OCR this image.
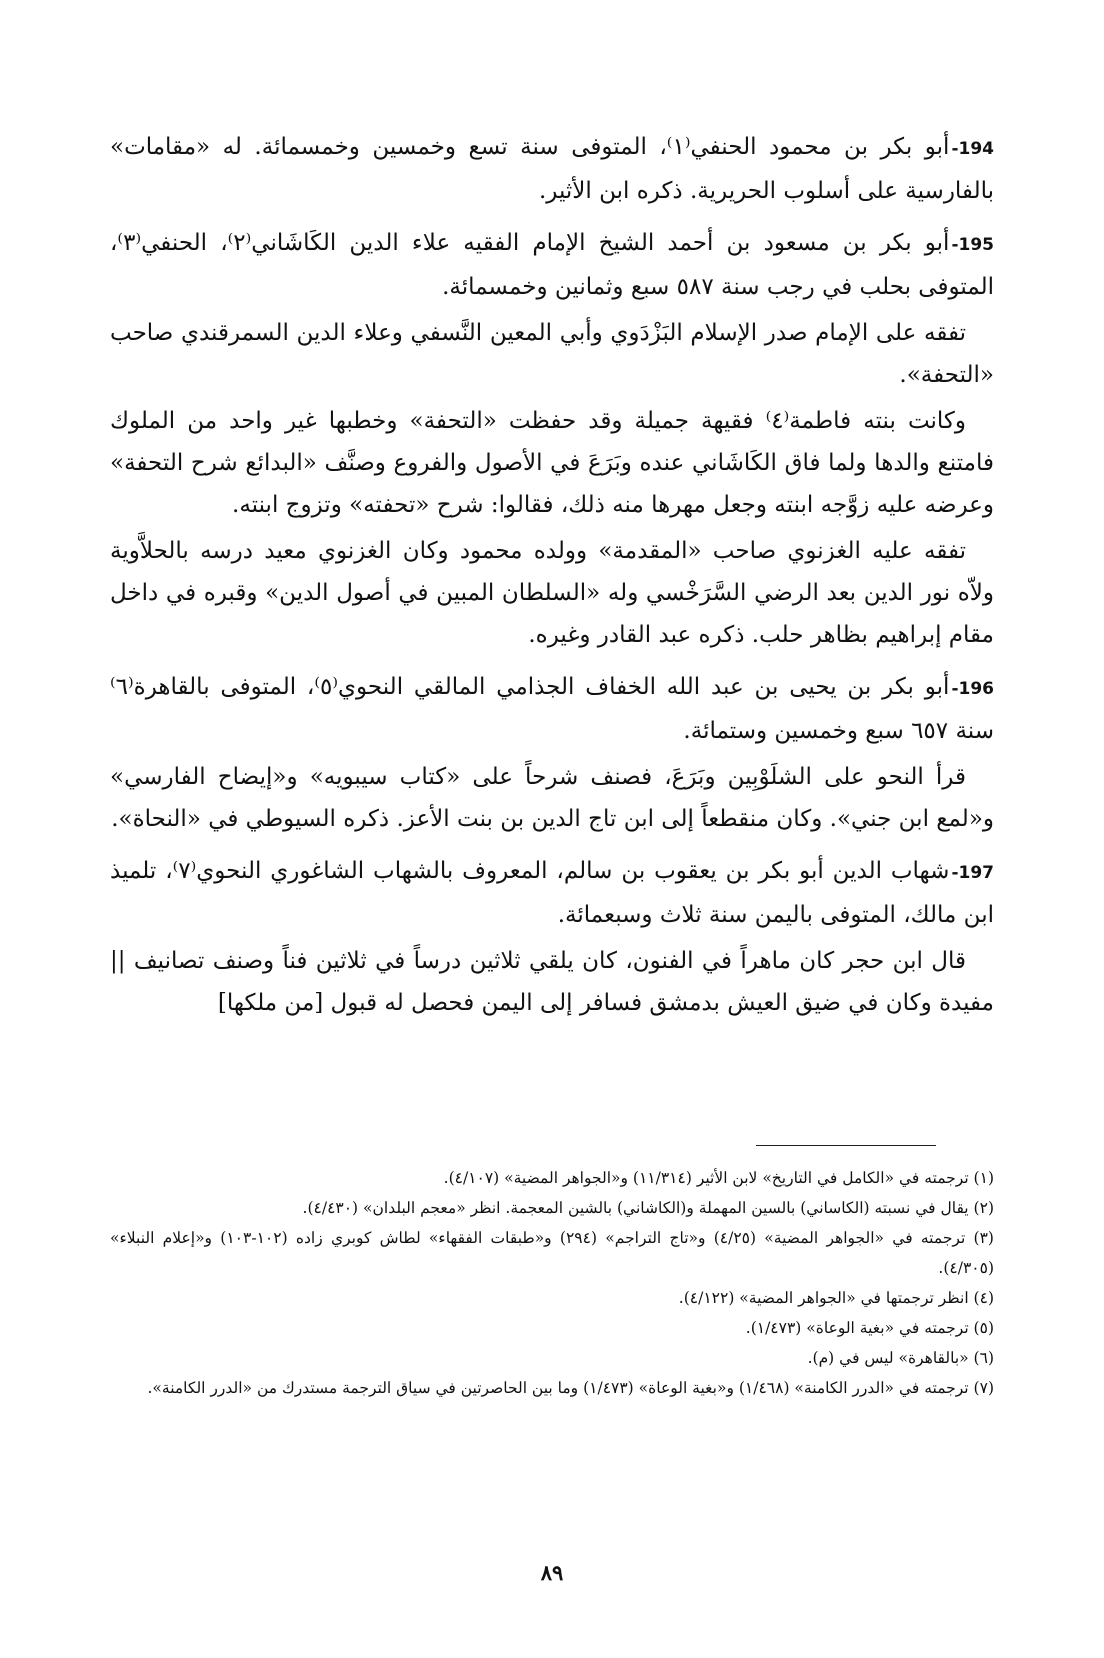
194-أبو بكر بن محمود الحنفي⁽١⁾، المتوفى سنة تسع وخمسين وخمسمائة. له «مقامات» بالفارسية على أسلوب الحريرية. ذكره ابن الأثير.

195-أبو بكر بن مسعود بن أحمد الشيخ الإمام الفقيه علاء الدين الكَاشَاني⁽٢⁾، الحنفي⁽٣⁾، المتوفى بحلب في رجب سنة ٥٨٧ سبع وثمانين وخمسمائة.

تفقه على الإمام صدر الإسلام البَزْدَوي وأبي المعين النَّسفي وعلاء الدين السمرقندي صاحب «التحفة».

وكانت بنته فاطمة⁽٤⁾ فقيهة جميلة وقد حفظت «التحفة» وخطبها غير واحد من الملوك فامتنع والدها ولما فاق الكَاشَاني عنده وبَرَعَ في الأصول والفروع وصنَّف «البدائع شرح التحفة» وعرضه عليه زوَّجه ابنته وجعل مهرها منه ذلك، فقالوا: شرح «تحفته» وتزوج ابنته.

تفقه عليه الغزنوي صاحب «المقدمة» وولده محمود وكان الغزنوي معيد درسه بالحلاَّوية ولاّه نور الدين بعد الرضي السَّرَخْسي وله «السلطان المبين في أصول الدين» وقبره في داخل مقام إبراهيم بظاهر حلب. ذكره عبد القادر وغيره.

196-أبو بكر بن يحيى بن عبد الله الخفاف الجذامي المالقي النحوي⁽٥⁾، المتوفى بالقاهرة⁽٦⁾ سنة ٦٥٧ سبع وخمسين وستمائة.

قرأ النحو على الشلَوْبِين وبَرَعَ، فصنف شرحاً على «كتاب سيبويه» و«إيضاح الفارسي» و«لمع ابن جني». وكان منقطعاً إلى ابن تاج الدين بن بنت الأعز. ذكره السيوطي في «النحاة».

197-شهاب الدين أبو بكر بن يعقوب بن سالم، المعروف بالشهاب الشاغوري النحوي⁽٧⁾، تلميذ ابن مالك، المتوفى باليمن سنة ثلاث وسبعمائة.

قال ابن حجر كان ماهراً في الفنون، كان يلقي ثلاثين درساً في ثلاثين فناً وصنف تصانيف || مفيدة وكان في ضيق العيش بدمشق فسافر إلى اليمن فحصل له قبول [من ملكها]

(١) ترجمته في «الكامل في التاريخ» لابن الأثير (١١/٣١٤) و«الجواهر المضية» (٤/١٠٧).

(٢) يقال في نسبته (الكاساني) بالسين المهملة و(الكاشاني) بالشين المعجمة. انظر «معجم البلدان» (٤/٤٣٠).

(٣) ترجمته في «الجواهر المضية» (٤/٢٥) و«تاج التراجم» (٢٩٤) و«طبقات الفقهاء» لطاش كوبري زاده (١٠٢-١٠٣) و«إعلام النبلاء» (٤/٣٠٥).

(٤) انظر ترجمتها في «الجواهر المضية» (٤/١٢٢).

(٥) ترجمته في «بغية الوعاة» (١/٤٧٣).

(٦) «بالقاهرة» ليس في (م).

(٧) ترجمته في «الدرر الكامنة» (١/٤٦٨) و«بغية الوعاة» (١/٤٧٣) وما بين الحاصرتين في سياق الترجمة مستدرك من «الدرر الكامنة».

٨٩
